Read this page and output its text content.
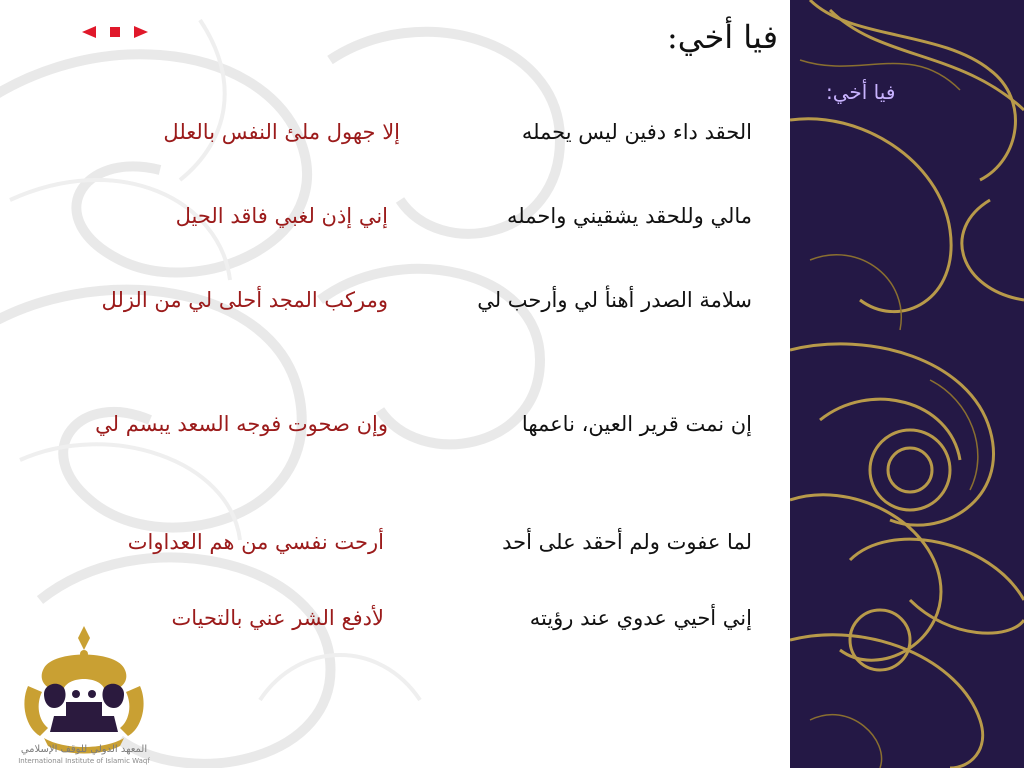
فيا أخي:
فيا أخي:
الحقد داء دفين ليس يحمله
إلا جهول ملئ النفس بالعلل
مالي وللحقد يشقيني واحمله
إني إذن لغبي فاقد الحيل
سلامة الصدر أهنأ لي وأرحب لي
ومركب المجد أحلى لي من الزلل
إن نمت قرير العين، ناعمها
وإن صحوت فوجه السعد يبسم لي
لما عفوت ولم أحقد على أحد
أرحت نفسي من هم العداوات
إني أحيي عدوي عند رؤيته
لأدفع الشر عني بالتحيات
المعهد الدولي للوقف الإسلامي
International Institute of Islamic Waqf
